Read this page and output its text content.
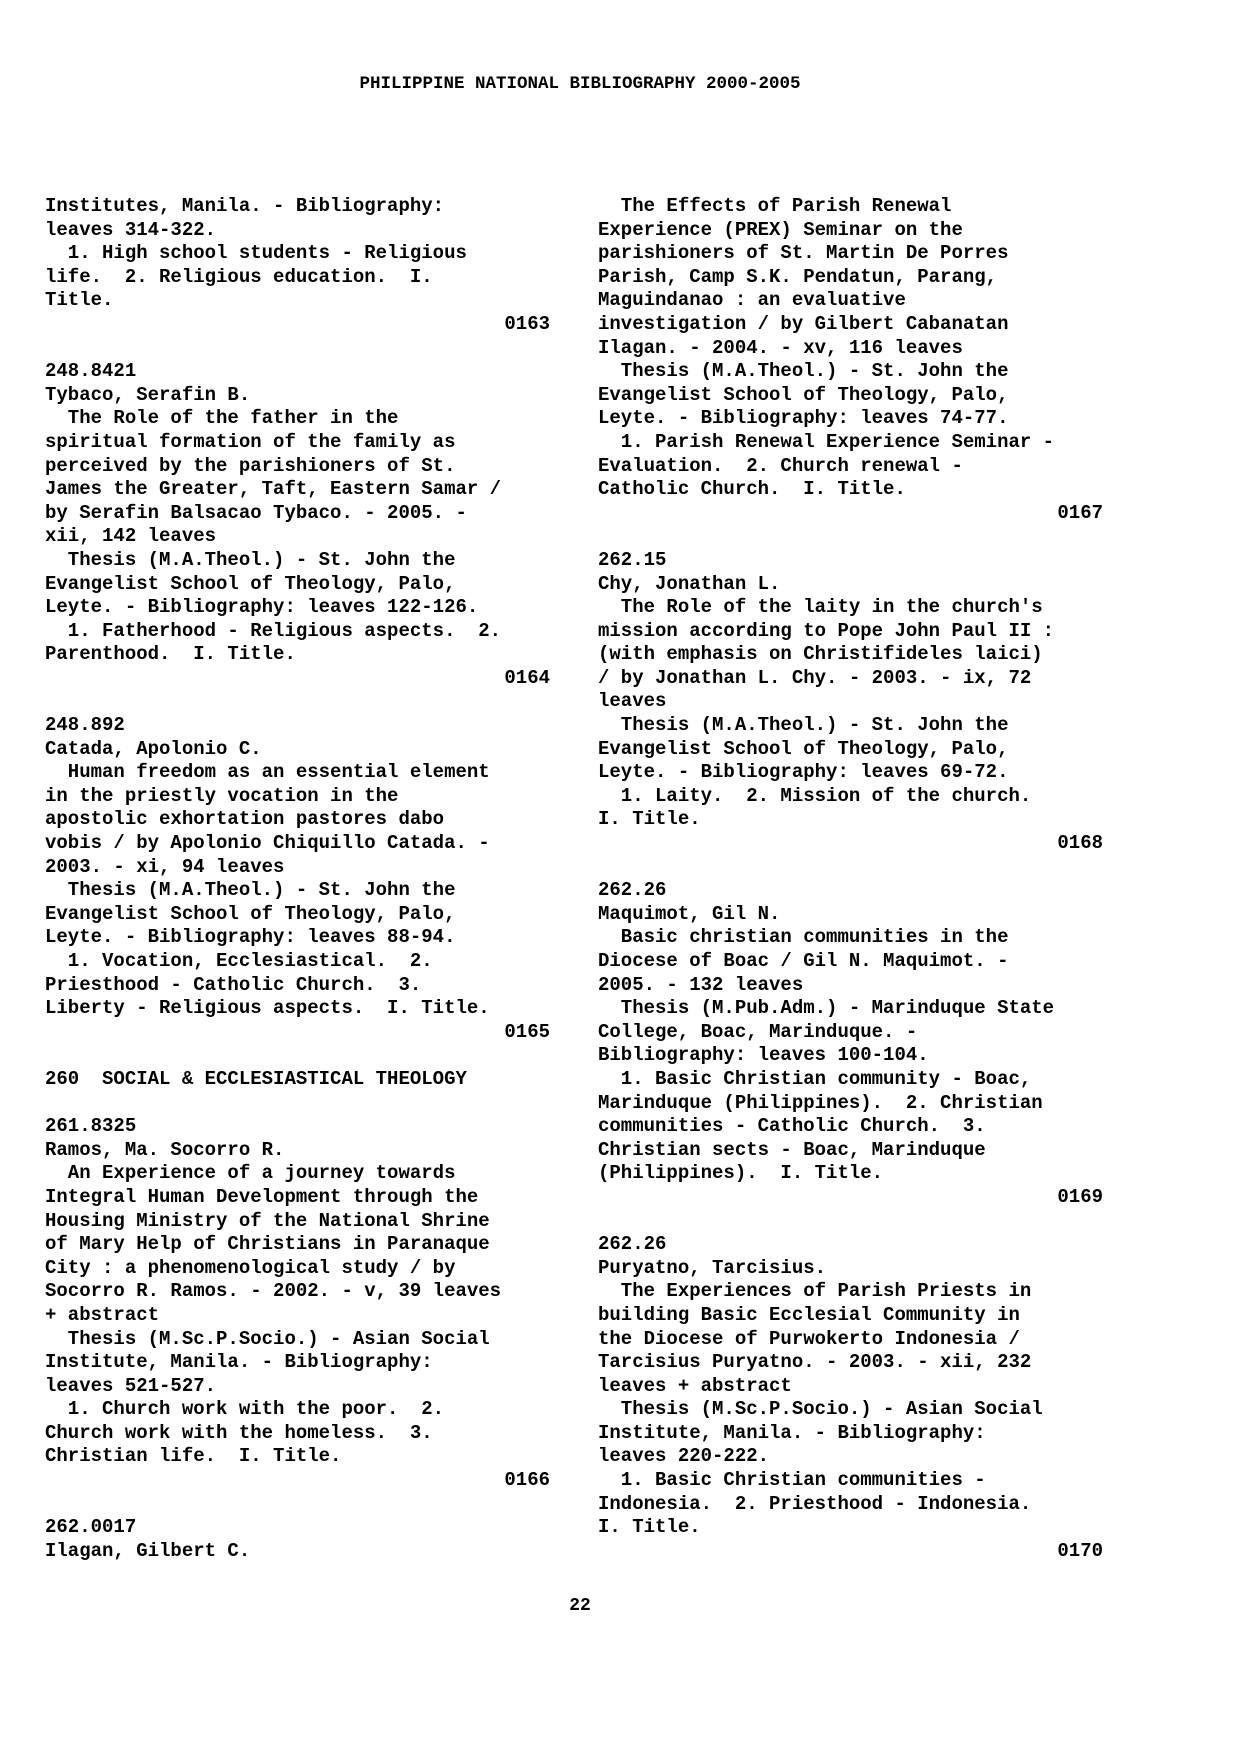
PHILIPPINE NATIONAL BIBLIOGRAPHY 2000-2005
Institutes, Manila. - Bibliography:
leaves 314-322.
1. High school students - Religious
life.  2. Religious education.  I.
Title.
0163
248.8421
Tybaco, Serafin B.
The Role of the father in the
spiritual formation of the family as
perceived by the parishioners of St.
James the Greater, Taft, Eastern Samar /
by Serafin Balsacao Tybaco. - 2005. -
xii, 142 leaves
Thesis (M.A.Theol.) - St. John the
Evangelist School of Theology, Palo,
Leyte. - Bibliography: leaves 122-126.
1. Fatherhood - Religious aspects.  2.
Parenthood.  I. Title.
0164
248.892
Catada, Apolonio C.
Human freedom as an essential element
in the priestly vocation in the
apostolic exhortation pastores dabo
vobis / by Apolonio Chiquillo Catada. -
2003. - xi, 94 leaves
Thesis (M.A.Theol.) - St. John the
Evangelist School of Theology, Palo,
Leyte. - Bibliography: leaves 88-94.
1. Vocation, Ecclesiastical.  2.
Priesthood - Catholic Church.  3.
Liberty - Religious aspects.  I. Title.
0165
260  SOCIAL & ECCLESIASTICAL THEOLOGY
261.8325
Ramos, Ma. Socorro R.
An Experience of a journey towards
Integral Human Development through the
Housing Ministry of the National Shrine
of Mary Help of Christians in Paranaque
City : a phenomenological study / by
Socorro R. Ramos. - 2002. - v, 39 leaves
+ abstract
Thesis (M.Sc.P.Socio.) - Asian Social
Institute, Manila. - Bibliography:
leaves 521-527.
1. Church work with the poor.  2.
Church work with the homeless.  3.
Christian life.  I. Title.
0166
262.0017
Ilagan, Gilbert C.
The Effects of Parish Renewal
Experience (PREX) Seminar on the
parishioners of St. Martin De Porres
Parish, Camp S.K. Pendatun, Parang,
Maguindanao : an evaluative
investigation / by Gilbert Cabanatan
Ilagan. - 2004. - xv, 116 leaves
Thesis (M.A.Theol.) - St. John the
Evangelist School of Theology, Palo,
Leyte. - Bibliography: leaves 74-77.
1. Parish Renewal Experience Seminar -
Evaluation.  2. Church renewal -
Catholic Church.  I. Title.
0167
262.15
Chy, Jonathan L.
The Role of the laity in the church's
mission according to Pope John Paul II :
(with emphasis on Christifideles laici)
/ by Jonathan L. Chy. - 2003. - ix, 72
leaves
Thesis (M.A.Theol.) - St. John the
Evangelist School of Theology, Palo,
Leyte. - Bibliography: leaves 69-72.
1. Laity.  2. Mission of the church.
I. Title.
0168
262.26
Maquimot, Gil N.
Basic christian communities in the
Diocese of Boac / Gil N. Maquimot. -
2005. - 132 leaves
Thesis (M.Pub.Adm.) - Marinduque State
College, Boac, Marinduque. -
Bibliography: leaves 100-104.
1. Basic Christian community - Boac,
Marinduque (Philippines).  2. Christian
communities - Catholic Church.  3.
Christian sects - Boac, Marinduque
(Philippines).  I. Title.
0169
262.26
Puryatno, Tarcisius.
The Experiences of Parish Priests in
building Basic Ecclesial Community in
the Diocese of Purwokerto Indonesia /
Tarcisius Puryatno. - 2003. - xii, 232
leaves + abstract
Thesis (M.Sc.P.Socio.) - Asian Social
Institute, Manila. - Bibliography:
leaves 220-222.
1. Basic Christian communities -
Indonesia.  2. Priesthood - Indonesia.
I. Title.
0170
22
